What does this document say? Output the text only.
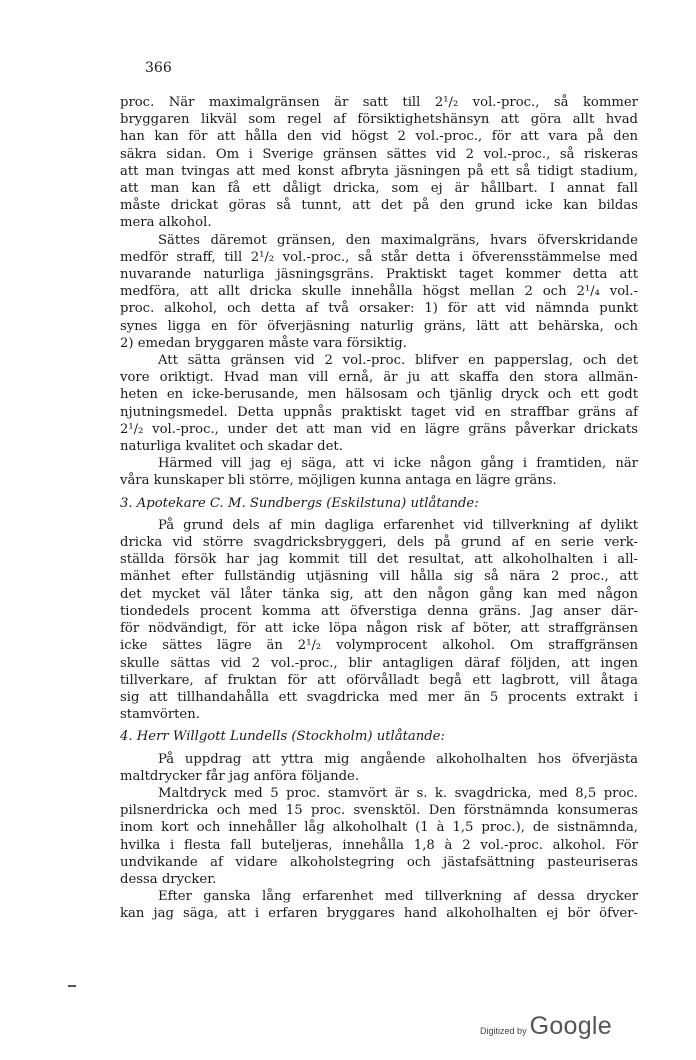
366
proc. När maximalgränsen är satt till 2¹/₂ vol.-proc., så kommer
bryggaren likväl som regel af försiktighetshänsyn att göra allt hvad
han kan för att hålla den vid högst 2 vol.-proc., för att vara på den
säkra sidan. Om i Sverige gränsen sättes vid 2 vol.-proc., så riskeras
att man tvingas att med konst afbryta jäsningen på ett så tidigt stadium,
att man kan få ett dåligt dricka, som ej är hållbart. I annat fall
måste drickat göras så tunnt, att det på den grund icke kan bildas
mera alkohol.
Sättes däremot gränsen, den maximalgräns, hvars öfverskridande
medför straff, till 2¹/₂ vol.-proc., så står detta i öfverensstämmelse med
nuvarande naturliga jäsningsgräns. Praktiskt taget kommer detta att
medföra, att allt dricka skulle innehålla högst mellan 2 och 2¹/₄ vol.-
proc. alkohol, och detta af två orsaker: 1) för att vid nämnda punkt
synes ligga en för öfverjäsning naturlig gräns, lätt att behärska, och
2) emedan bryggaren måste vara försiktig.
Att sätta gränsen vid 2 vol.-proc. blifver en papperslag, och det
vore oriktigt. Hvad man vill ernå, är ju att skaffa den stora allmän-
heten en icke-berusande, men hälsosam och tjänlig dryck och ett godt
njutningsmedel. Detta uppnås praktiskt taget vid en straffbar gräns af
2¹/₂ vol.-proc., under det att man vid en lägre gräns påverkar drickats
naturliga kvalitet och skadar det.
Härmed vill jag ej säga, att vi icke någon gång i framtiden, när
våra kunskaper bli större, möjligen kunna antaga en lägre gräns.
3. Apotekare C. M. Sundbergs (Eskilstuna) utlåtande:
På grund dels af min dagliga erfarenhet vid tillverkning af dylikt
dricka vid större svagdricksbryggeri, dels på grund af en serie verk-
ställda försök har jag kommit till det resultat, att alkoholhalten i all-
mänhet efter fullständig utjäsning vill hålla sig så nära 2 proc., att
det mycket väl låter tänka sig, att den någon gång kan med någon
tiondedels procent komma att öfverstiga denna gräns. Jag anser där-
för nödvändigt, för att icke löpa någon risk af böter, att straffgränsen
icke sättes lägre än 2¹/₂ volymprocent alkohol. Om straffgränsen
skulle sättas vid 2 vol.-proc., blir antagligen däraf följden, att ingen
tillverkare, af fruktan för att oförvålladt begå ett lagbrott, vill åtaga
sig att tillhandahålla ett svagdricka med mer än 5 procents extrakt i
stamvörten.
4. Herr Willgott Lundells (Stockholm) utlåtande:
På uppdrag att yttra mig angående alkoholhalten hos öfverjästa
maltdrycker får jag anföra följande.
Maltdryck med 5 proc. stamvört är s. k. svagdricka, med 8,5 proc.
pilsnerdricka och med 15 proc. svensktöl. Den förstnämnda konsumeras
inom kort och innehåller låg alkoholhalt (1 à 1,5 proc.), de sistnämnda,
hvilka i flesta fall buteljeras, innehålla 1,8 à 2 vol.-proc. alkohol. För
undvikande af vidare alkoholstegring och jästafsättning pasteuriseras
dessa drycker.
Efter ganska lång erfarenhet med tillverkning af dessa drycker
kan jag säga, att i erfaren bryggares hand alkoholhalten ej bör öfver-
Digitized by Google
